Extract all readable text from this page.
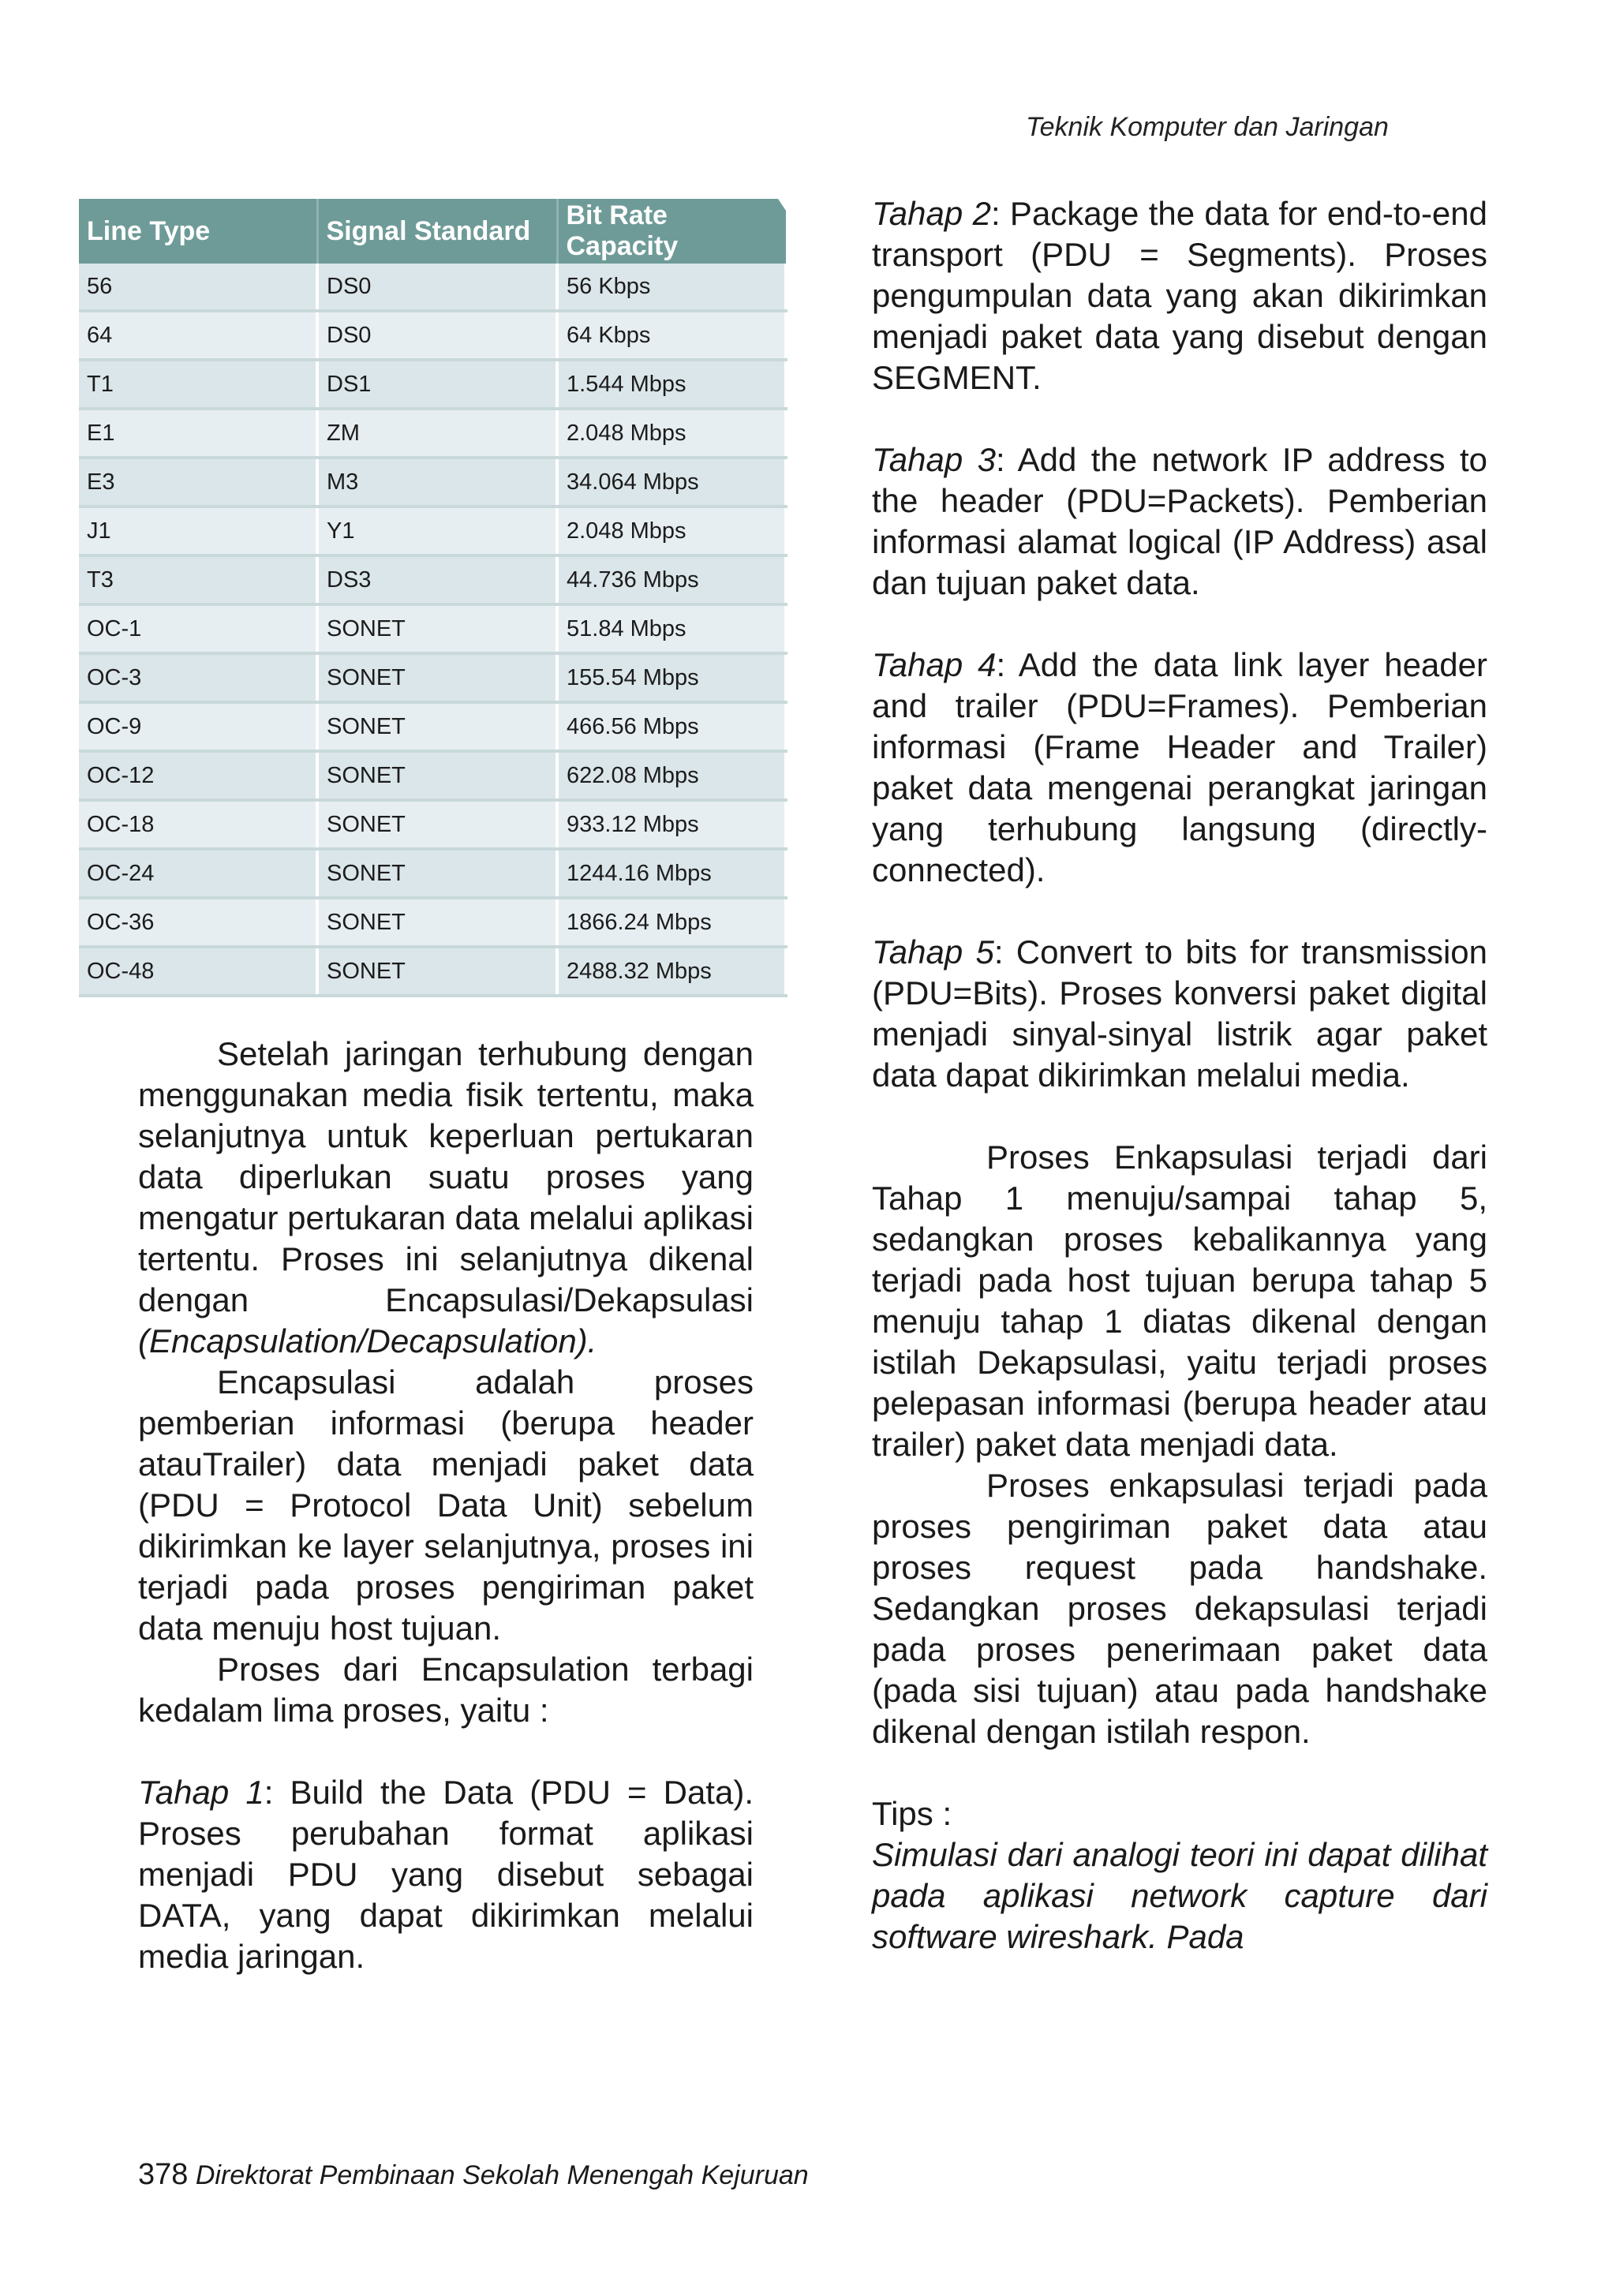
Teknik Komputer dan Jaringan
Line Type	Signal Standard	Bit Rate Capacity
56	DS0	56 Kbps
64	DS0	64 Kbps
T1	DS1	1.544 Mbps
E1	ZM	2.048 Mbps
E3	M3	34.064 Mbps
J1	Y1	2.048 Mbps
T3	DS3	44.736 Mbps
OC-1	SONET	51.84 Mbps
OC-3	SONET	155.54 Mbps
OC-9	SONET	466.56 Mbps
OC-12	SONET	622.08 Mbps
OC-18	SONET	933.12 Mbps
OC-24	SONET	1244.16 Mbps
OC-36	SONET	1866.24 Mbps
OC-48	SONET	2488.32 Mbps

Setelah jaringan terhubung dengan menggunakan media fisik tertentu, maka selanjutnya untuk keperluan pertukaran data diperlukan suatu proses yang mengatur pertukaran data melalui aplikasi tertentu. Proses ini selanjutnya dikenal dengan Encapsulasi/Dekapsulasi (Encapsulation/Decapsulation).

Encapsulasi adalah proses pemberian informasi (berupa header atauTrailer) data menjadi paket data (PDU = Protocol Data Unit) sebelum dikirimkan ke layer selanjutnya, proses ini terjadi pada proses pengiriman paket data menuju host tujuan.

Proses dari Encapsulation terbagi kedalam lima proses, yaitu :

Tahap 1: Build the Data (PDU = Data). Proses perubahan format aplikasi menjadi PDU yang disebut sebagai DATA, yang dapat dikirimkan melalui media jaringan.

Tahap 2: Package the data for end-to-end transport (PDU = Segments). Proses pengumpulan data yang akan dikirimkan menjadi paket data yang disebut dengan SEGMENT.

Tahap 3: Add the network IP address to the header (PDU=Packets). Pemberian informasi alamat logical (IP Address) asal dan tujuan paket data.

Tahap 4: Add the data link layer header and trailer (PDU=Frames). Pemberian informasi (Frame Header and Trailer) paket data mengenai perangkat jaringan yang terhubung langsung (directly-connected).

Tahap 5: Convert to bits for transmission (PDU=Bits). Proses konversi paket digital menjadi sinyal-sinyal listrik agar paket data dapat dikirimkan melalui media.

Proses Enkapsulasi terjadi dari Tahap 1 menuju/sampai tahap 5, sedangkan proses kebalikannya yang terjadi pada host tujuan berupa tahap 5 menuju tahap 1 diatas dikenal dengan istilah Dekapsulasi, yaitu terjadi proses pelepasan informasi (berupa header atau trailer) paket data menjadi data.

Proses enkapsulasi terjadi pada proses pengiriman paket data atau proses request pada handshake. Sedangkan proses dekapsulasi terjadi pada proses penerimaan paket data (pada sisi tujuan) atau pada handshake dikenal dengan istilah respon.

Tips :

Simulasi dari analogi teori ini dapat dilihat pada aplikasi network capture dari software wireshark. Pada

378 Direktorat Pembinaan Sekolah Menengah Kejuruan
